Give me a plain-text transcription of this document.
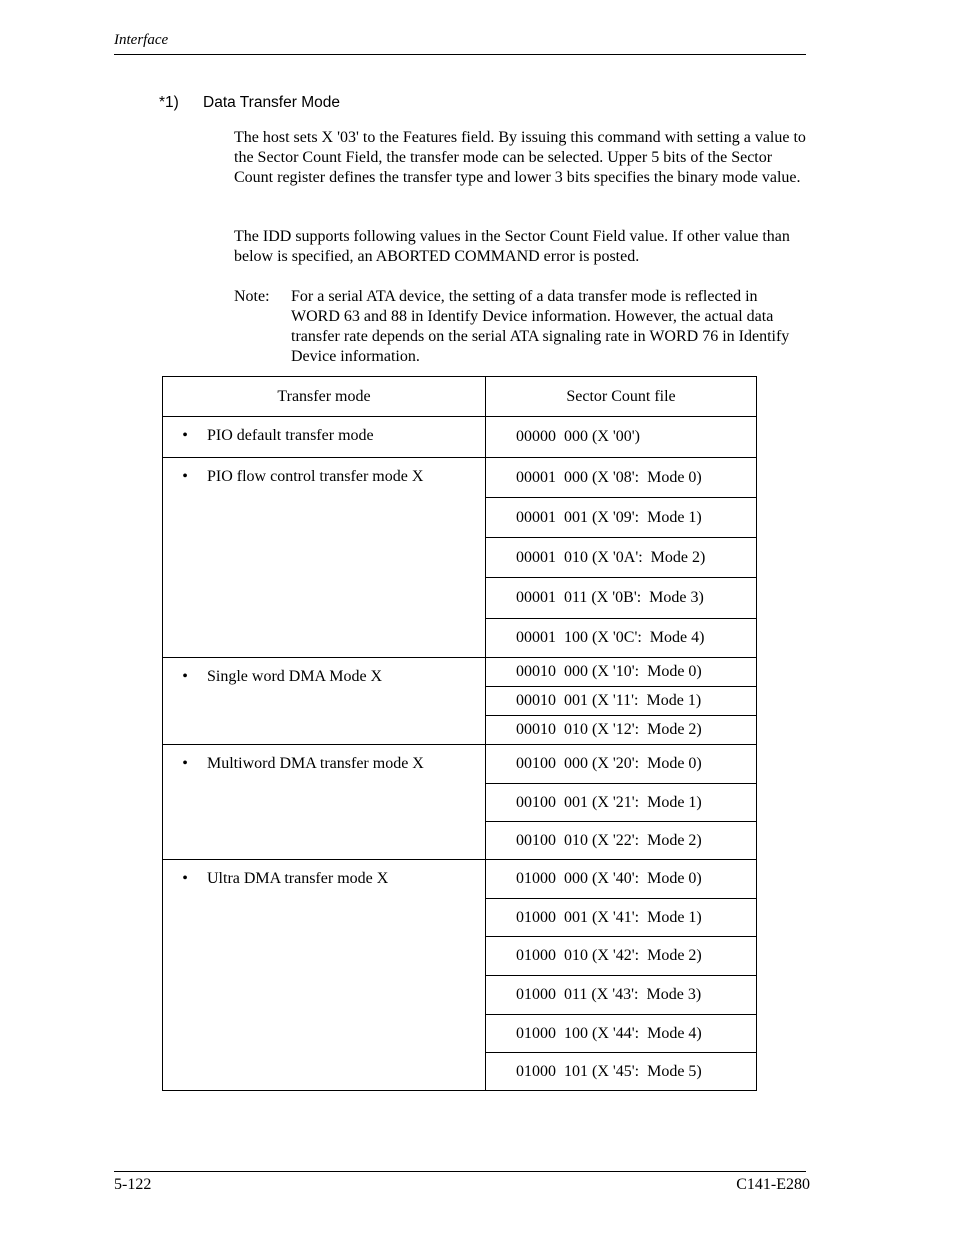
Interface
*1) Data Transfer Mode

The host sets X '03' to the Features field. By issuing this command with setting a value to the Sector Count Field, the transfer mode can be selected. Upper 5 bits of the Sector Count register defines the transfer type and lower 3 bits specifies the binary mode value.

The IDD supports following values in the Sector Count Field value. If other value than below is specified, an ABORTED COMMAND error is posted.

Note: For a serial ATA device, the setting of a data transfer mode is reflected in WORD 63 and 88 in Identify Device information. However, the actual data transfer rate depends on the serial ATA signaling rate in WORD 76 in Identify Device information.

Transfer mode	Sector Count file

• PIO default transfer mode	00000  000 (X '00')

• PIO flow control transfer mode X	00001  000 (X '08':  Mode 0)
	00001  001 (X '09':  Mode 1)
	00001  010 (X '0A':  Mode 2)
	00001  011 (X '0B':  Mode 3)
	00001  100 (X '0C':  Mode 4)

• Single word DMA Mode X	00010  000 (X '10':  Mode 0)
	00010  001 (X '11':  Mode 1)
	00010  010 (X '12':  Mode 2)

• Multiword DMA transfer mode X	00100  000 (X '20':  Mode 0)
	00100  001 (X '21':  Mode 1)
	00100  010 (X '22':  Mode 2)

• Ultra DMA transfer mode X	01000  000 (X '40':  Mode 0)
	01000  001 (X '41':  Mode 1)
	01000  010 (X '42':  Mode 2)
	01000  011 (X '43':  Mode 3)
	01000  100 (X '44':  Mode 4)
	01000  101 (X '45':  Mode 5)
5-122	C141-E280
